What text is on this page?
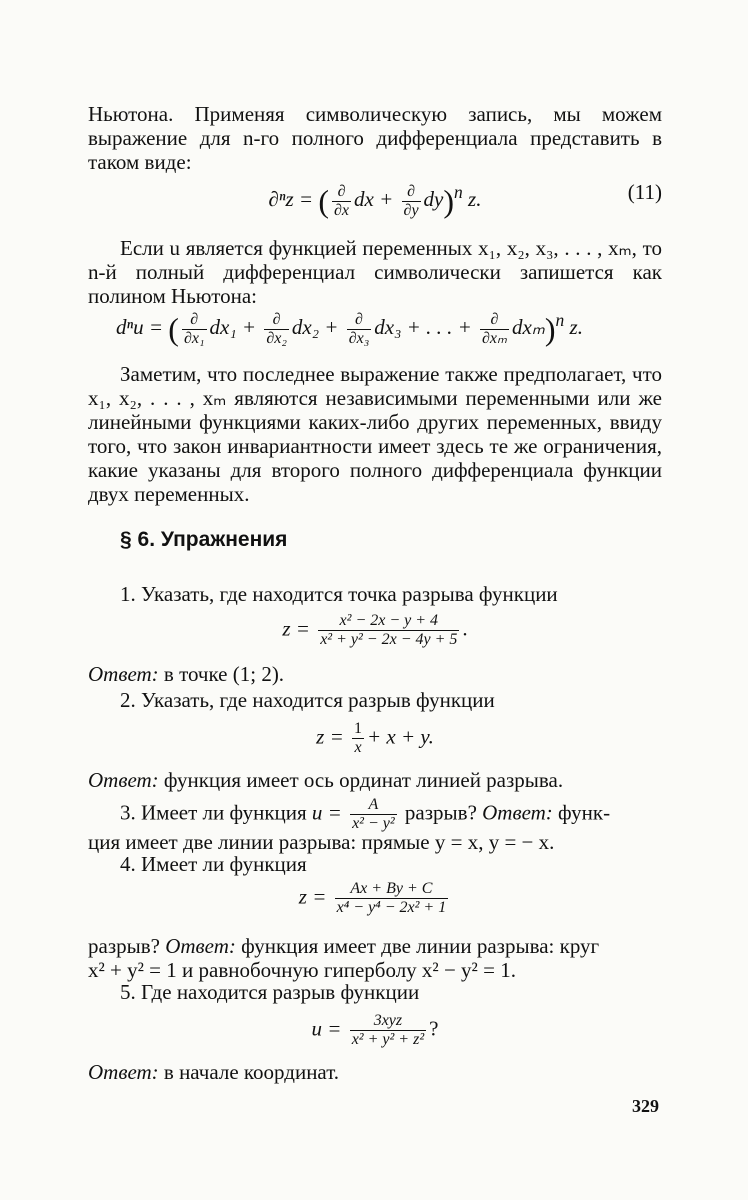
Ньютона. Применяя символическую запись, мы можем выражение для n-го полного дифференциала представить в таком виде:

∂ⁿz = ( $\frac{\partial}{\partial x}$ dx + $\frac{\partial}{\partial y} dy)^n$ z.	(11)

Если u является функцией переменных x₁, x₂, x₃, . . . , xₘ, то n-й полный дифференциал символически запишется как полином Ньютона:

dⁿu = ( $\frac{\partial}{\text{∂x₁}} dx_1 + \frac{\partial}{\text{∂x₂}} dx_2 + \frac{\partial}{\text{∂x₃}} dx_3$ + . . . + $\frac{\partial}{\text{∂xₘ}} dx_m)^n$ z.

Заметим, что последнее выражение также предполагает, что x₁, x₂, . . . , xₘ являются независимыми переменными или же линейными функциями каких-либо других переменных, ввиду того, что закон инвариантности имеет здесь те же ограничения, какие указаны для второго полного дифференциала функции двух переменных.

§ 6. Упражнения

1. Указать, где находится точка разрыва функции

$z = \frac{\text{x² − 2x − y + 4}}{\text{x² + y² − 2x − 4y + 5}}$ .

Ответ: в точке (1; 2).

2. Указать, где находится разрыв функции

$z = \frac{1}{x} + x + y$.

Ответ: функция имеет ось ординат линией разрыва.

3. Имеет ли функция $u = \frac{A}{\text{x² − y²}}$ разрыв? Ответ: функ-

ция имеет две линии разрыва: прямые y = x, y = − x.

4. Имеет ли функция

$z = \frac{Ax + By + C}{\text{x⁴ − y⁴ − 2x² + 1}}$

разрыв? Ответ: функция имеет две линии разрыва: круг

x² + y² = 1 и равнобочную гиперболу x² − y² = 1.

5. Где находится разрыв функции

$u = \frac{\text{3xyz}}{\text{x² + y² + z²}}$ ?

Ответ: в начале координат.

329
